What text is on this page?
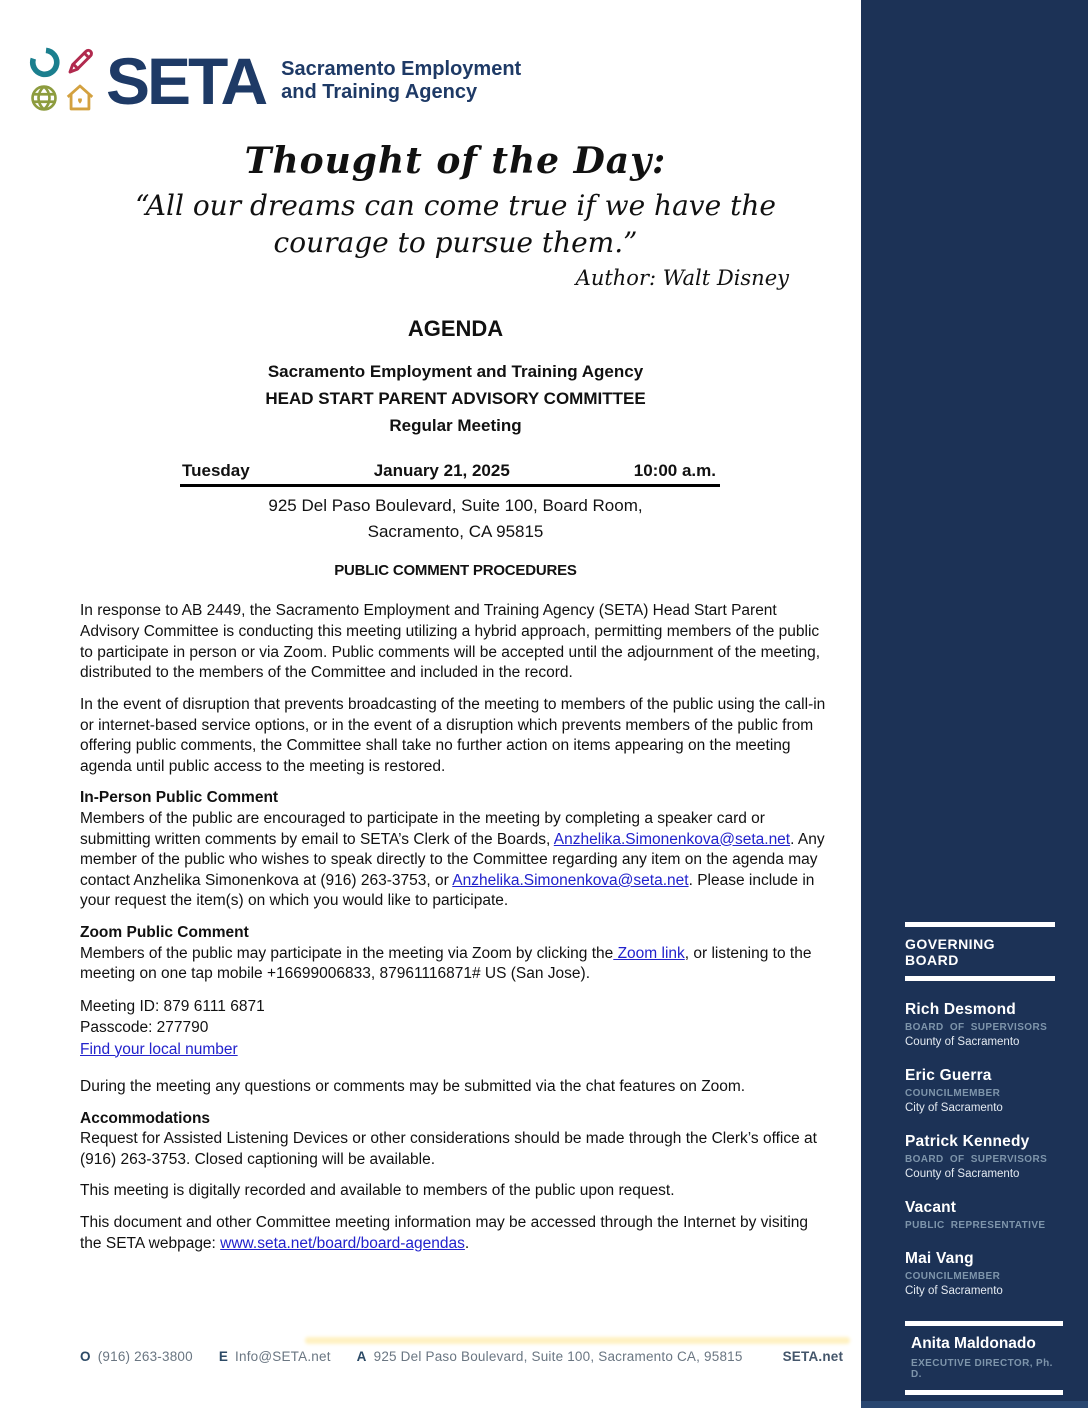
SETA Sacramento Employment
and Training Agency
Thought of the Day:
“All our dreams can come true if we have the courage to pursue them.”
Author: Walt Disney
AGENDA
Sacramento Employment and Training Agency
HEAD START PARENT ADVISORY COMMITTEE
Regular Meeting
Tuesday	January 21, 2025	10:00 a.m.
925 Del Paso Boulevard, Suite 100, Board Room,
Sacramento, CA 95815
PUBLIC COMMENT PROCEDURES
In response to AB 2449, the Sacramento Employment and Training Agency (SETA) Head Start Parent Advisory Committee is conducting this meeting utilizing a hybrid approach, permitting members of the public to participate in person or via Zoom. Public comments will be accepted until the adjournment of the meeting, distributed to the members of the Committee and included in the record.
In the event of disruption that prevents broadcasting of the meeting to members of the public using the call-in or internet-based service options, or in the event of a disruption which prevents members of the public from offering public comments, the Committee shall take no further action on items appearing on the meeting agenda until public access to the meeting is restored.
In-Person Public Comment
Members of the public are encouraged to participate in the meeting by completing a speaker card or submitting written comments by email to SETA’s Clerk of the Boards, Anzhelika.Simonenkova@seta.net. Any member of the public who wishes to speak directly to the Committee regarding any item on the agenda may contact Anzhelika Simonenkova at (916) 263-3753, or Anzhelika.Simonenkova@seta.net. Please include in your request the item(s) on which you would like to participate.
Zoom Public Comment
Members of the public may participate in the meeting via Zoom by clicking the Zoom link, or listening to the meeting on one tap mobile +16699006833, 87961116871# US (San Jose).
Meeting ID: 879 6111 6871
Passcode: 277790
Find your local number
During the meeting any questions or comments may be submitted via the chat features on Zoom.
Accommodations
Request for Assisted Listening Devices or other considerations should be made through the Clerk’s office at (916) 263-3753. Closed captioning will be available.
This meeting is digitally recorded and available to members of the public upon request.
This document and other Committee meeting information may be accessed through the Internet by visiting the SETA webpage: www.seta.net/board/board-agendas.
O (916) 263-3800 E Info@SETA.net A 925 Del Paso Boulevard, Suite 100, Sacramento CA, 95815	SETA.net
GOVERNING BOARD
Rich Desmond
BOARD OF SUPERVISORS
County of Sacramento
Eric Guerra
COUNCILMEMBER
City of Sacramento
Patrick Kennedy
BOARD OF SUPERVISORS
County of Sacramento
Vacant
PUBLIC REPRESENTATIVE
Mai Vang
COUNCILMEMBER
City of Sacramento
Anita Maldonado
EXECUTIVE DIRECTOR, Ph. D.
